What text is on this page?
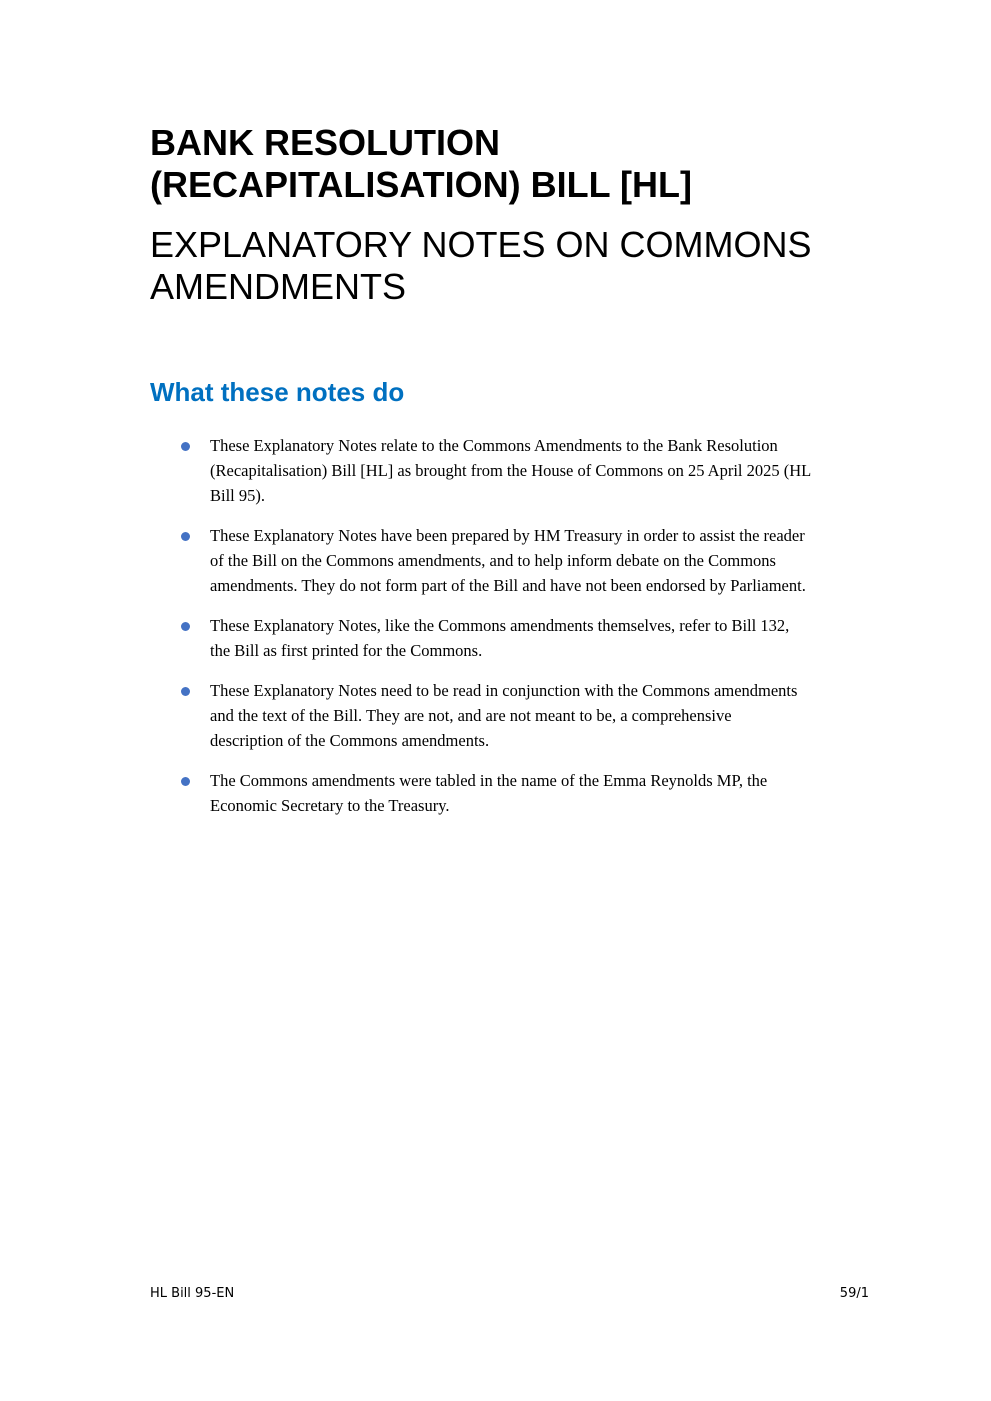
BANK RESOLUTION
(RECAPITALISATION) BILL [HL]
EXPLANATORY NOTES ON COMMONS
AMENDMENTS
What these notes do
These Explanatory Notes relate to the Commons Amendments to the Bank Resolution
(Recapitalisation) Bill [HL] as brought from the House of Commons on 25 April 2025 (HL
Bill 95).
These Explanatory Notes have been prepared by HM Treasury in order to assist the reader
of the Bill on the Commons amendments, and to help inform debate on the Commons
amendments. They do not form part of the Bill and have not been endorsed by Parliament.
These Explanatory Notes, like the Commons amendments themselves, refer to Bill 132,
the Bill as first printed for the Commons.
These Explanatory Notes need to be read in conjunction with the Commons amendments
and the text of the Bill. They are not, and are not meant to be, a comprehensive
description of the Commons amendments.
The Commons amendments were tabled in the name of the Emma Reynolds MP, the
Economic Secretary to the Treasury.
HL Bill 95-EN	59/1
